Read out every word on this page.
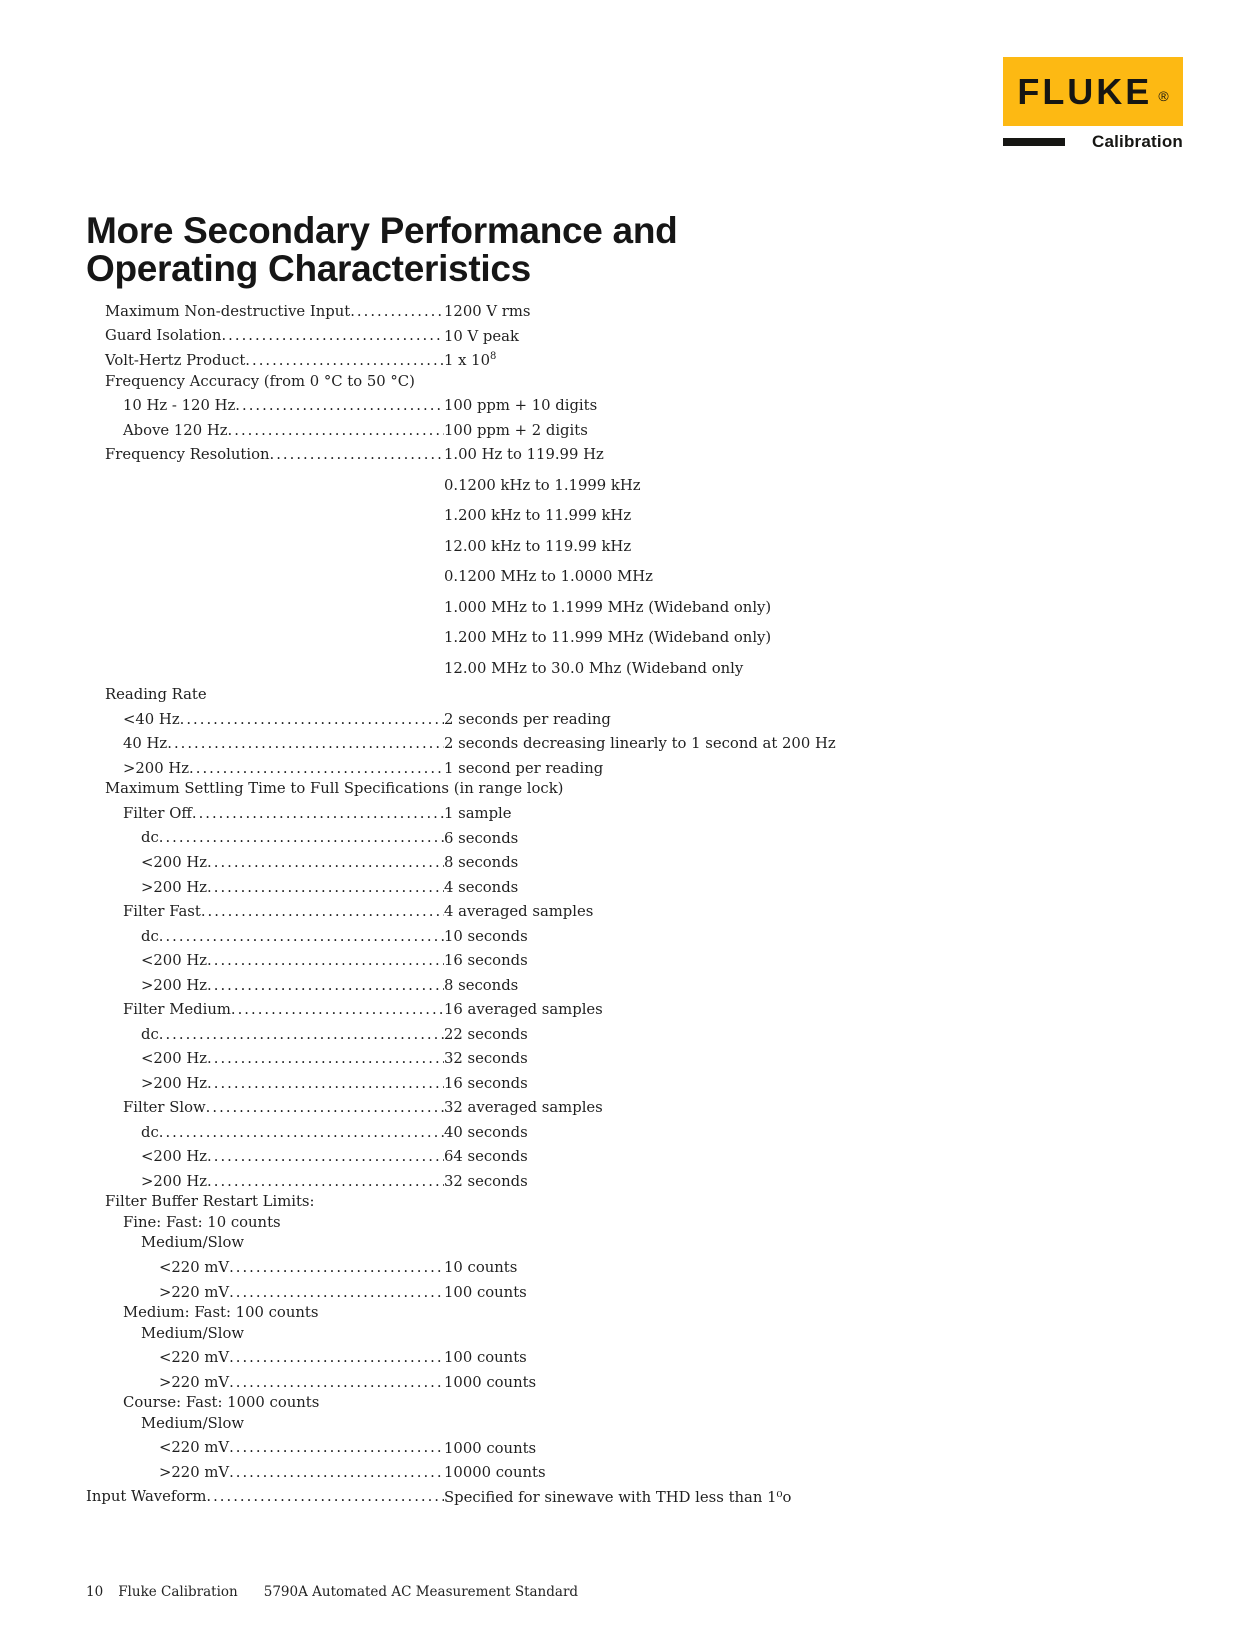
FLUKE ®
Calibration
More Secondary Performance and
Operating Characteristics
Maximum Non-destructive Input .....	1200 V rms
Guard Isolation .....	10 V peak
Volt-Hertz Product .....	1 x $10^8$
Frequency Accuracy (from 0 °C to 50 °C)
10 Hz - 120 Hz .....	100 ppm + 10 digits
Above 120 Hz .....	100 ppm + 2 digits
Frequency Resolution .....	1.00 Hz to 119.99 Hz
0.1200 kHz to 1.1999 kHz
1.200 kHz to 11.999 kHz
12.00 kHz to 119.99 kHz
0.1200 MHz to 1.0000 MHz
1.000 MHz to 1.1999 MHz (Wideband only)
1.200 MHz to 11.999 MHz (Wideband only)
12.00 MHz to 30.0 Mhz (Wideband only
Reading Rate
<40 Hz .....	2 seconds per reading
40 Hz .....	2 seconds decreasing linearly to 1 second at 200 Hz
>200 Hz .....	1 second per reading
Maximum Settling Time to Full Specifications (in range lock)
Filter Off .....	1 sample
dc .....	6 seconds
<200 Hz .....	8 seconds
>200 Hz .....	4 seconds
Filter Fast .....	4 averaged samples
dc .....	10 seconds
<200 Hz .....	16 seconds
>200 Hz .....	8 seconds
Filter Medium .....	16 averaged samples
dc .....	22 seconds
<200 Hz .....	32 seconds
>200 Hz .....	16 seconds
Filter Slow .....	32 averaged samples
dc .....	40 seconds
<200 Hz .....	64 seconds
>200 Hz .....	32 seconds
Filter Buffer Restart Limits:
Fine: Fast: 10 counts
Medium/Slow
<220 mV .....	10 counts
>220 mV .....	100 counts
Medium: Fast: 100 counts
Medium/Slow
<220 mV .....	100 counts
>220 mV .....	1000 counts
Course: Fast: 1000 counts
Medium/Slow
<220 mV .....	1000 counts
>220 mV .....	10000 counts
Input Waveform .....	Specified for sinewave with THD less than 1⁰o
10 Fluke Calibration 5790A Automated AC Measurement Standard
